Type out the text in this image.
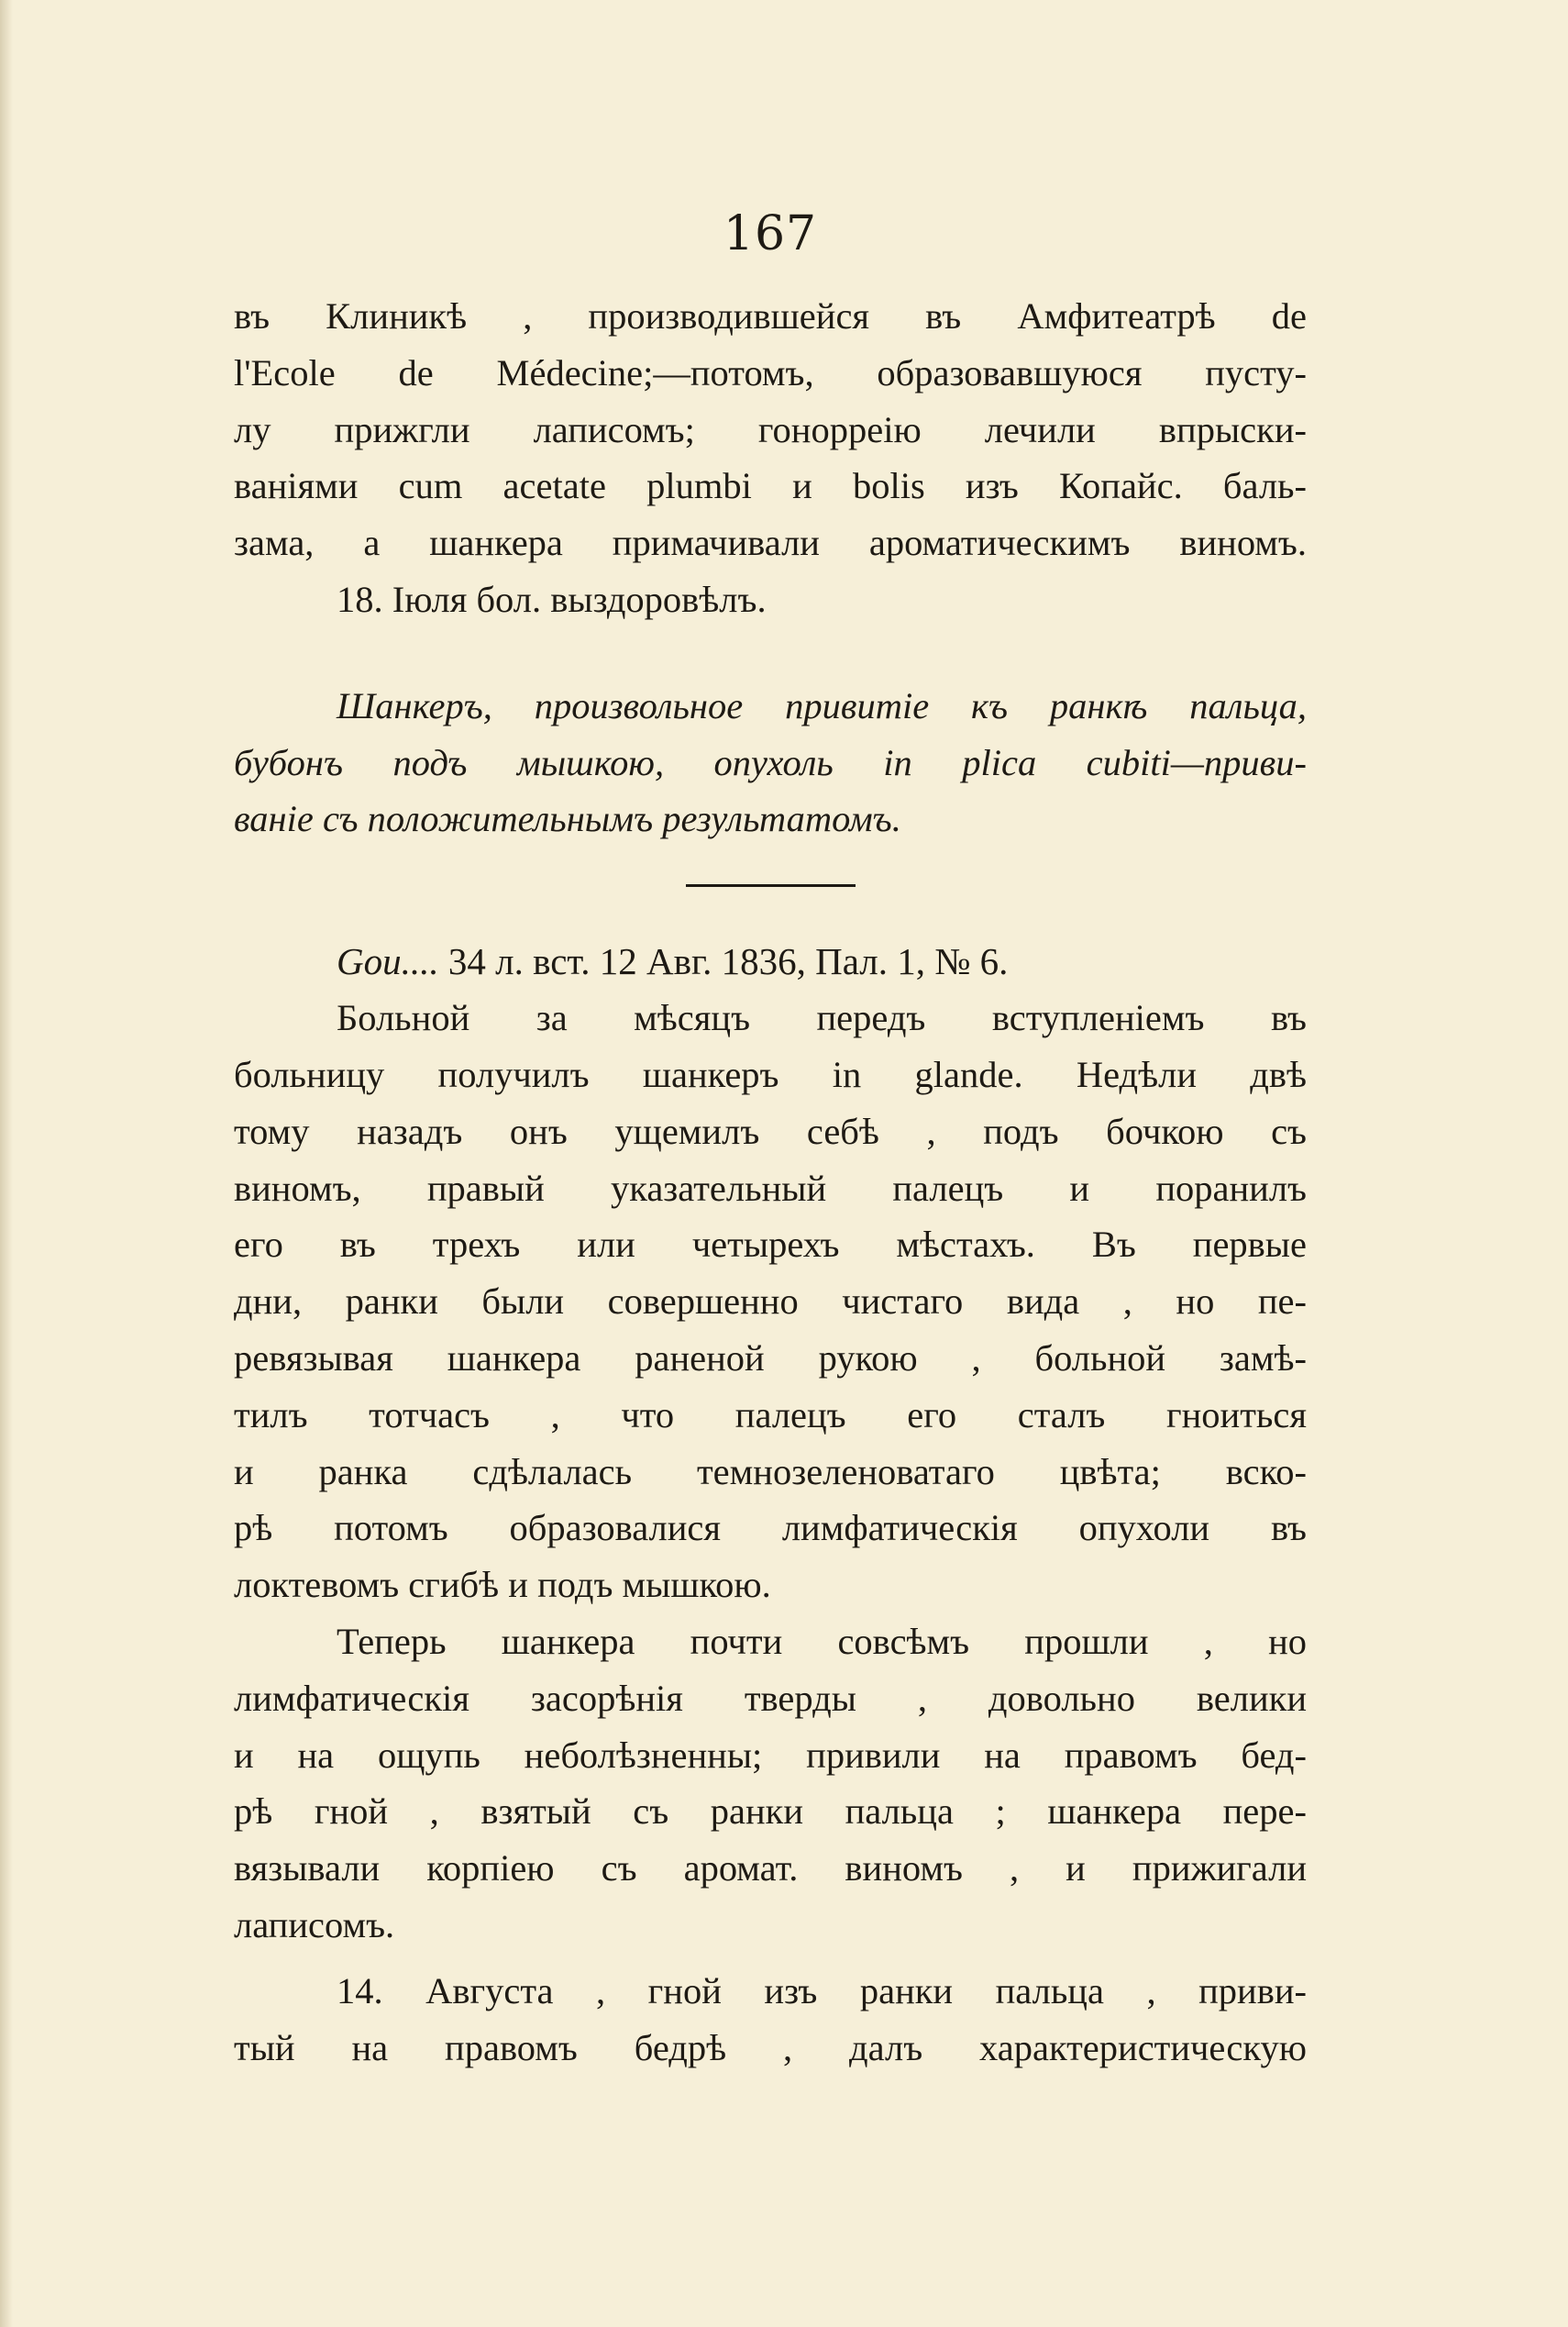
167
въ Клиникѣ , производившейся въ Амфитеатрѣ de
l'Ecole de Médecine;—потомъ, образовавшуюся пусту-
лу прижгли лаписомъ; гонорреію лечили впрыски-
ваніями cum acetate plumbi и bolis изъ Копайс. баль-
зама, а шанкера примачивали ароматическимъ виномъ.
18. Іюля бол. выздоровѣлъ.
Шанкеръ, произвольное привитіе къ ранкѣ пальца,
бубонъ подъ мышкою, опухоль in plica cubiti—приви-
ваніе съ положительнымъ результатомъ.
Gou.... 34 л. вст. 12 Авг. 1836, Пал. 1, № 6.
Больной за мѣсяцъ передъ вступленіемъ въ
больницу получилъ шанкеръ in glande. Недѣли двѣ
тому назадъ онъ ущемилъ себѣ , подъ бочкою съ
виномъ, правый указательный палецъ и поранилъ
его въ трехъ или четырехъ мѣстахъ. Въ первые
дни, ранки были совершенно чистаго вида , но пе-
ревязывая шанкера раненой рукою , больной замѣ-
тилъ тотчасъ , что палецъ его сталъ гноиться
и ранка сдѣлалась темнозеленоватаго цвѣта; вско-
рѣ потомъ образовалися лимфатическія опухоли въ
локтевомъ сгибѣ и подъ мышкою.
Теперь шанкера почти совсѣмъ прошли , но
лимфатическія засорѣнія тверды , довольно велики
и на ощупь неболѣзненны; привили на правомъ бед-
рѣ гной , взятый съ ранки пальца ; шанкера пере-
вязывали корпіею съ аромат. виномъ , и прижигали
лаписомъ.
14. Августа , гной изъ ранки пальца , приви-
тый на правомъ бедрѣ , далъ характеристическую
